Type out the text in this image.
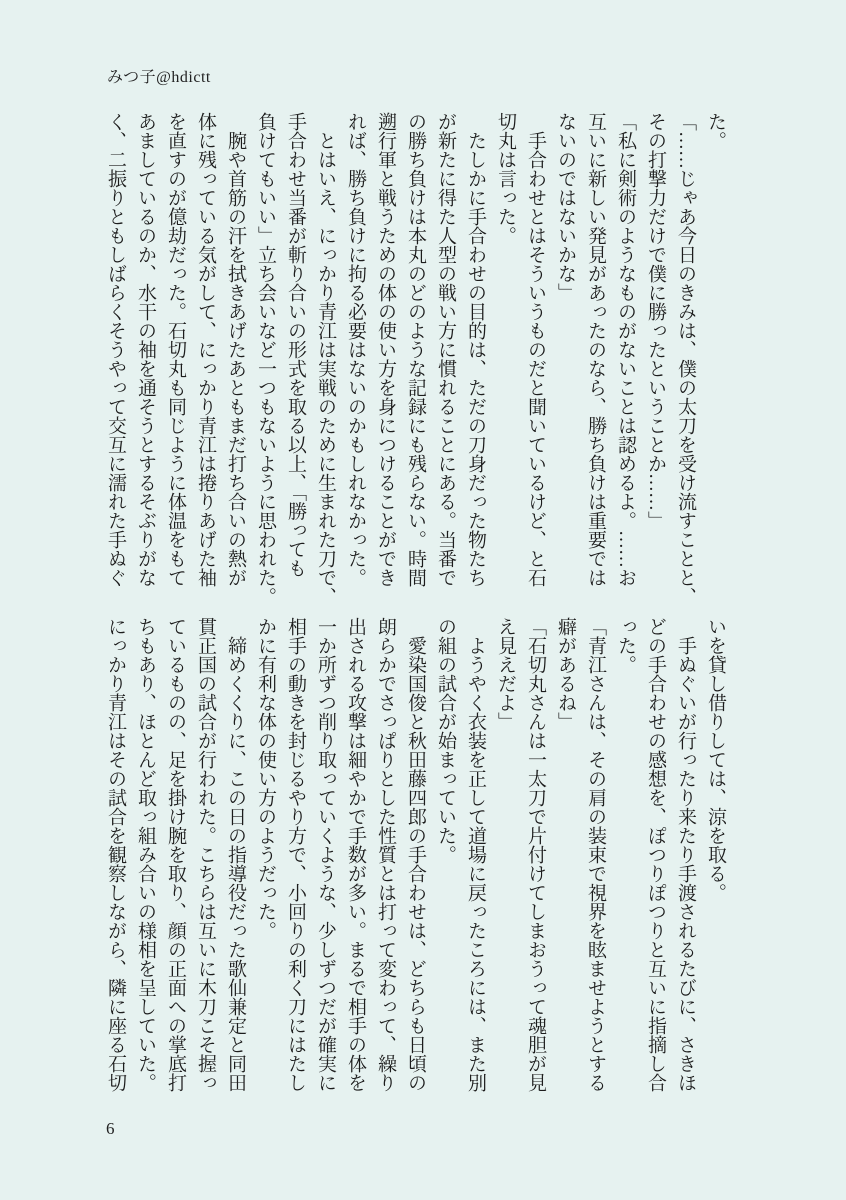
みつ子@hdictt
た。
「……じゃあ今日のきみは、僕の太刀を受け流すことと、
その打撃力だけで僕に勝ったということか……」
「私に剣術のようなものがないことは認めるよ。……お
互いに新しい発見があったのなら、勝ち負けは重要では
ないのではないかな」
　手合わせとはそういうものだと聞いているけど、と石
切丸は言った。
　たしかに手合わせの目的は、ただの刀身だった物たち
が新たに得た人型の戦い方に慣れることにある。当番で
の勝ち負けは本丸のどのような記録にも残らない。時間
遡行軍と戦うための体の使い方を身につけることができ
れば、勝ち負けに拘る必要はないのかもしれなかった。
　とはいえ、にっかり青江は実戦のために生まれた刀で、
手合わせ当番が斬り合いの形式を取る以上、「勝っても
負けてもいい」立ち会いなど一つもないように思われた。
　腕や首筋の汗を拭きあげたあともまだ打ち合いの熱が
体に残っている気がして、にっかり青江は捲りあげた袖
を直すのが億劫だった。石切丸も同じように体温をもて
あましているのか、水干の袖を通そうとするそぶりがな
く、二振りともしばらくそうやって交互に濡れた手ぬぐ
いを貸し借りしては、涼を取る。
　手ぬぐいが行ったり来たり手渡されるたびに、さきほ
どの手合わせの感想を、ぽつりぽつりと互いに指摘し合
った。
「青江さんは、その肩の装束で視界を眩ませようとする
癖があるね」
「石切丸さんは一太刀で片付けてしまおうって魂胆が見
え見えだよ」
　ようやく衣装を正して道場に戻ったころには、また別
の組の試合が始まっていた。
　愛染国俊と秋田藤四郎の手合わせは、どちらも日頃の
朗らかでさっぱりとした性質とは打って変わって、繰り
出される攻撃は細やかで手数が多い。まるで相手の体を
一か所ずつ削り取っていくような、少しずつだが確実に
相手の動きを封じるやり方で、小回りの利く刀にはたし
かに有利な体の使い方のようだった。
　締めくくりに、この日の指導役だった歌仙兼定と同田
貫正国の試合が行われた。こちらは互いに木刀こそ握っ
ているものの、足を掛け腕を取り、顔の正面への掌底打
ちもあり、ほとんど取っ組み合いの様相を呈していた。
にっかり青江はその試合を観察しながら、隣に座る石切
6
